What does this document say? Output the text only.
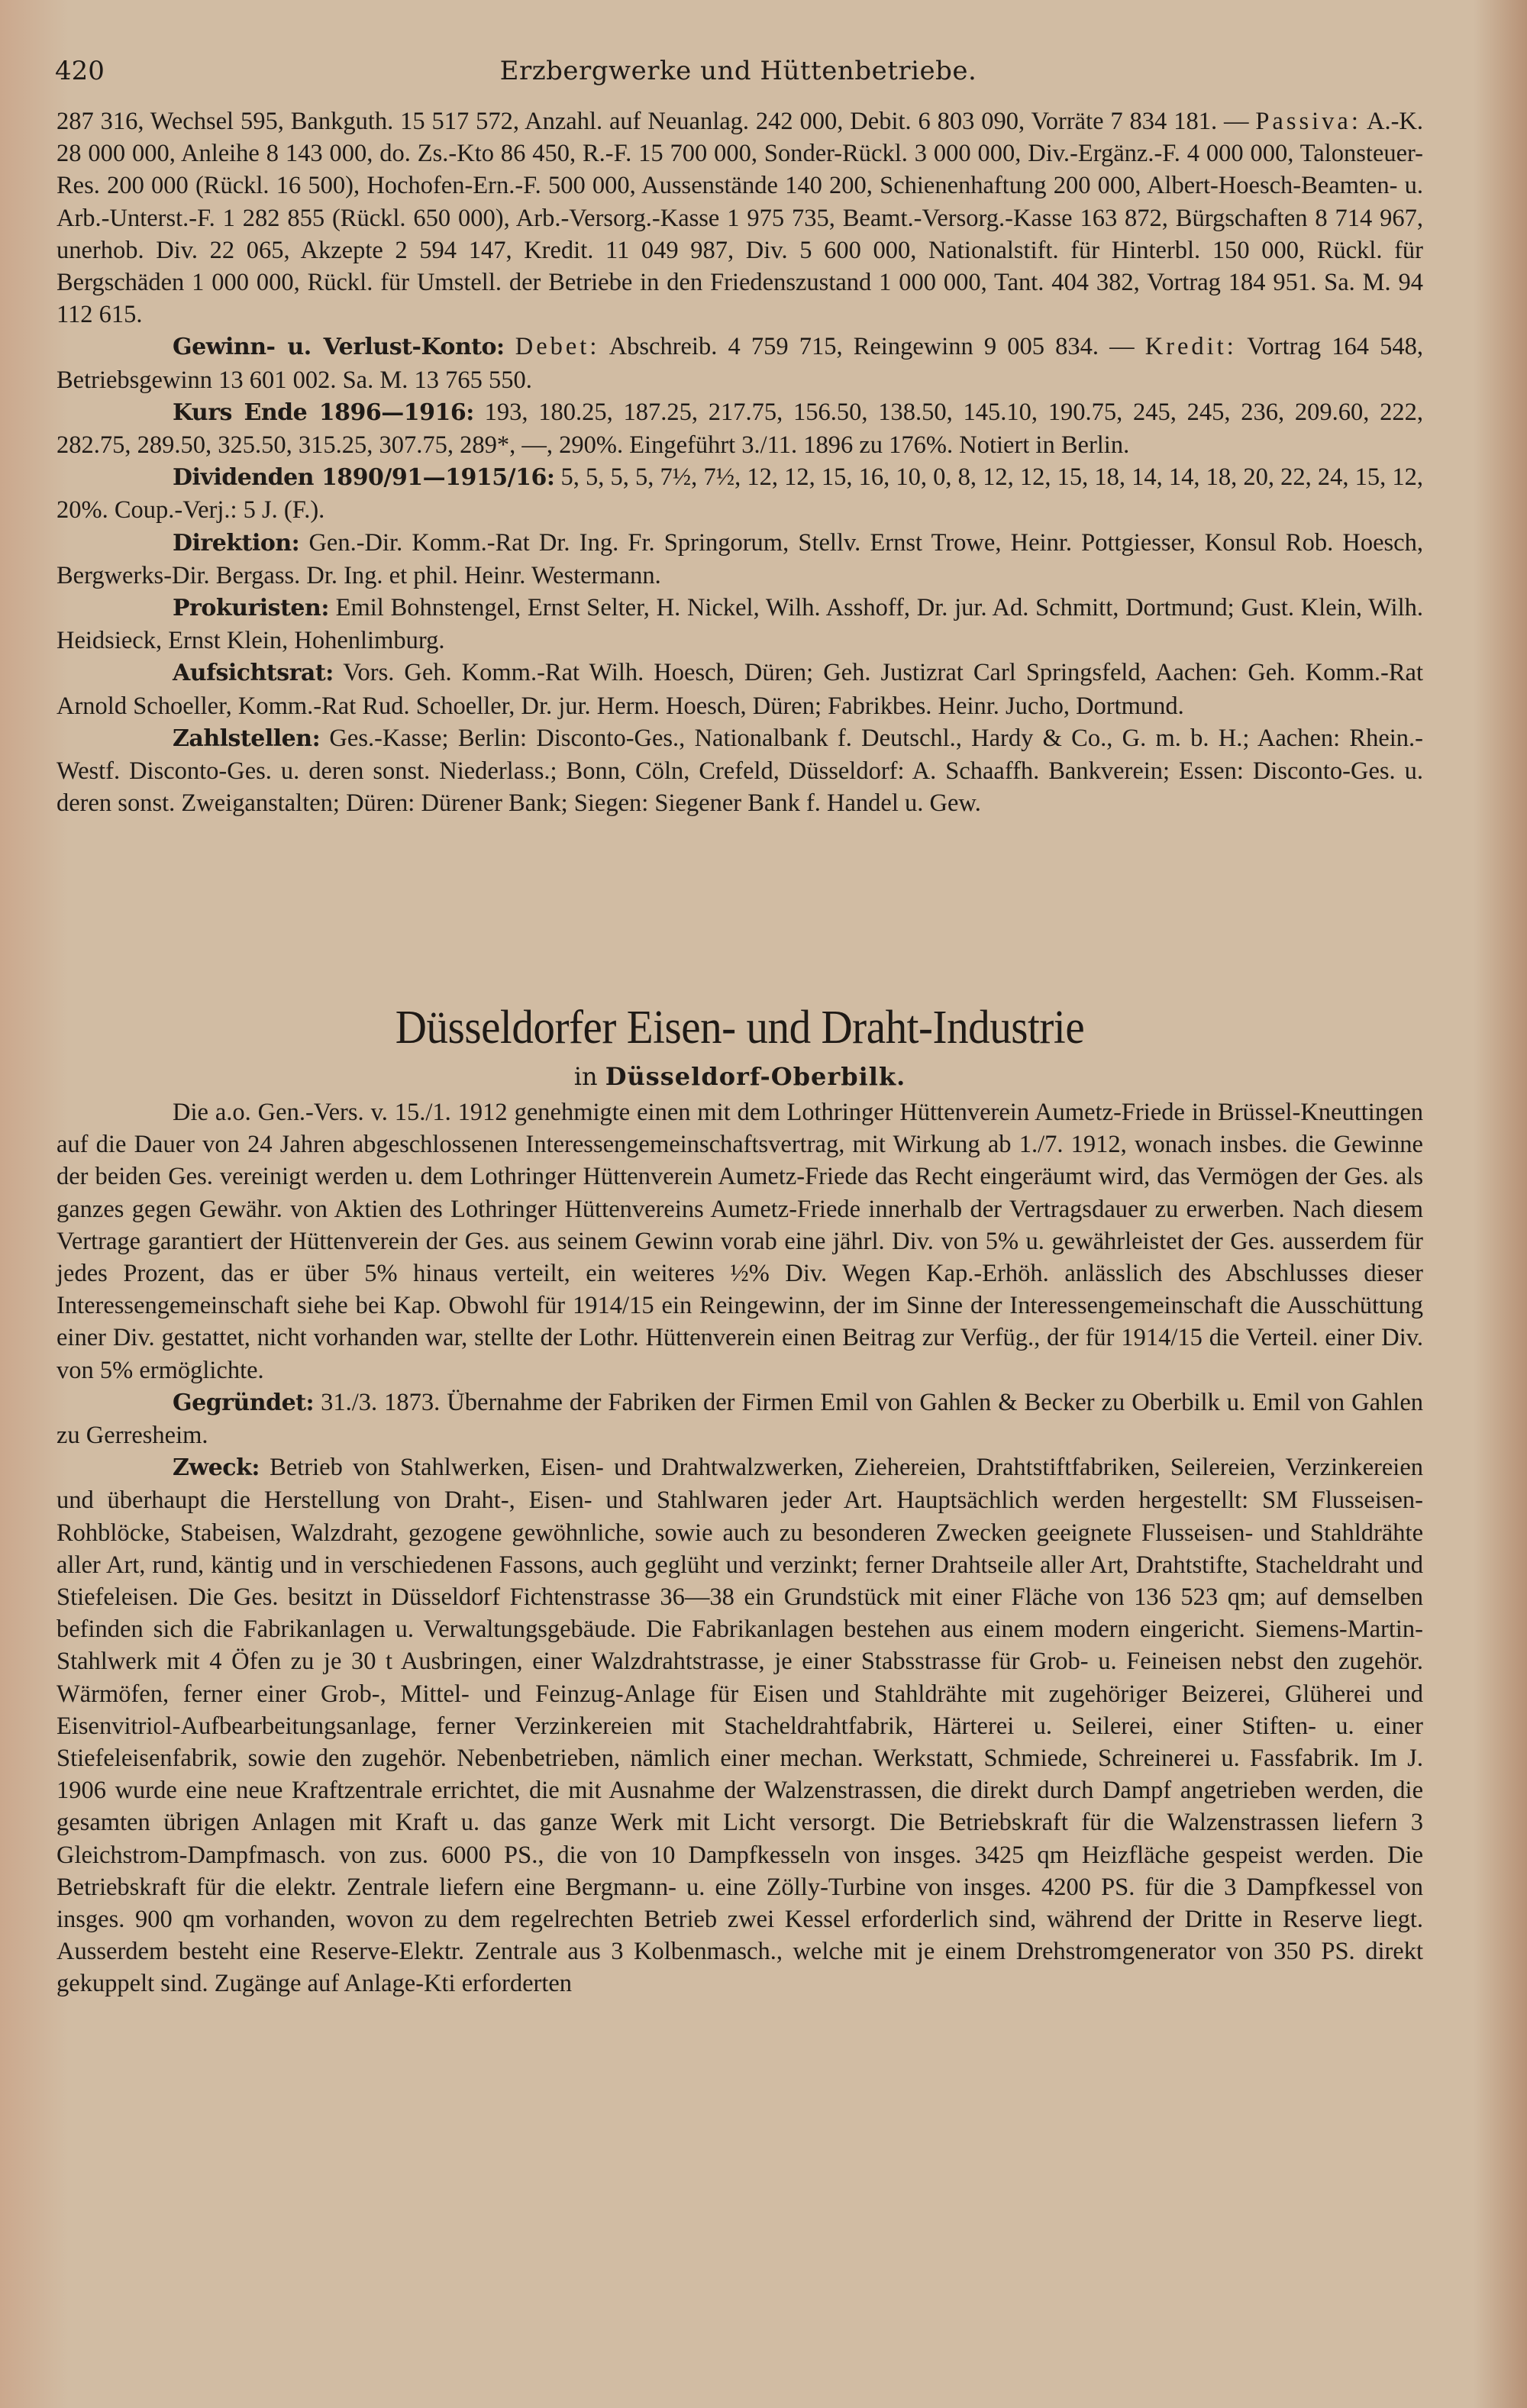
420	Erzbergwerke und Hüttenbetriebe.

287 316, Wechsel 595, Bankguth. 15 517 572, Anzahl. auf Neuanlag. 242 000, Debit. 6 803 090, Vorräte 7 834 181. — Passiva: A.-K. 28 000 000, Anleihe 8 143 000, do. Zs.-Kto 86 450, R.-F. 15 700 000, Sonder-Rückl. 3 000 000, Div.-Ergänz.-F. 4 000 000, Talonsteuer-Res. 200 000 (Rückl. 16 500), Hochofen-Ern.-F. 500 000, Aussenstände 140 200, Schienenhaftung 200 000, Albert-Hoesch-Beamten- u. Arb.-Unterst.-F. 1 282 855 (Rückl. 650 000), Arb.-Versorg.-Kasse 1 975 735, Beamt.-Versorg.-Kasse 163 872, Bürgschaften 8 714 967, unerhob. Div. 22 065, Akzepte 2 594 147, Kredit. 11 049 987, Div. 5 600 000, Nationalstift. für Hinterbl. 150 000, Rückl. für Bergschäden 1 000 000, Rückl. für Umstell. der Betriebe in den Friedenszustand 1 000 000, Tant. 404 382, Vortrag 184 951. Sa. M. 94 112 615.

Gewinn- u. Verlust-Konto: Debet: Abschreib. 4 759 715, Reingewinn 9 005 834. — Kredit: Vortrag 164 548, Betriebsgewinn 13 601 002. Sa. M. 13 765 550.

Kurs Ende 1896—1916: 193, 180.25, 187.25, 217.75, 156.50, 138.50, 145.10, 190.75, 245, 245, 236, 209.60, 222, 282.75, 289.50, 325.50, 315.25, 307.75, 289*, —, 290%. Eingeführt 3./11. 1896 zu 176%. Notiert in Berlin.

Dividenden 1890/91—1915/16: 5, 5, 5, 5, 7½, 7½, 12, 12, 15, 16, 10, 0, 8, 12, 12, 15, 18, 14, 14, 18, 20, 22, 24, 15, 12, 20%. Coup.-Verj.: 5 J. (F.).

Direktion: Gen.-Dir. Komm.-Rat Dr. Ing. Fr. Springorum, Stellv. Ernst Trowe, Heinr. Pottgiesser, Konsul Rob. Hoesch, Bergwerks-Dir. Bergass. Dr. Ing. et phil. Heinr. Westermann.

Prokuristen: Emil Bohnstengel, Ernst Selter, H. Nickel, Wilh. Asshoff, Dr. jur. Ad. Schmitt, Dortmund; Gust. Klein, Wilh. Heidsieck, Ernst Klein, Hohenlimburg.

Aufsichtsrat: Vors. Geh. Komm.-Rat Wilh. Hoesch, Düren; Geh. Justizrat Carl Springsfeld, Aachen: Geh. Komm.-Rat Arnold Schoeller, Komm.-Rat Rud. Schoeller, Dr. jur. Herm. Hoesch, Düren; Fabrikbes. Heinr. Jucho, Dortmund.

Zahlstellen: Ges.-Kasse; Berlin: Disconto-Ges., Nationalbank f. Deutschl., Hardy & Co., G. m. b. H.; Aachen: Rhein.-Westf. Disconto-Ges. u. deren sonst. Niederlass.; Bonn, Cöln, Crefeld, Düsseldorf: A. Schaaffh. Bankverein; Essen: Disconto-Ges. u. deren sonst. Zweiganstalten; Düren: Dürener Bank; Siegen: Siegener Bank f. Handel u. Gew.

Düsseldorfer Eisen- und Draht-Industrie
in Düsseldorf-Oberbilk.

Die a.o. Gen.-Vers. v. 15./1. 1912 genehmigte einen mit dem Lothringer Hüttenverein Aumetz-Friede in Brüssel-Kneuttingen auf die Dauer von 24 Jahren abgeschlossenen Interessengemeinschaftsvertrag, mit Wirkung ab 1./7. 1912, wonach insbes. die Gewinne der beiden Ges. vereinigt werden u. dem Lothringer Hüttenverein Aumetz-Friede das Recht eingeräumt wird, das Vermögen der Ges. als ganzes gegen Gewähr. von Aktien des Lothringer Hüttenvereins Aumetz-Friede innerhalb der Vertragsdauer zu erwerben. Nach diesem Vertrage garantiert der Hüttenverein der Ges. aus seinem Gewinn vorab eine jährl. Div. von 5% u. gewährleistet der Ges. ausserdem für jedes Prozent, das er über 5% hinaus verteilt, ein weiteres ½% Div. Wegen Kap.-Erhöh. anlässlich des Abschlusses dieser Interessengemeinschaft siehe bei Kap. Obwohl für 1914/15 ein Reingewinn, der im Sinne der Interessengemeinschaft die Ausschüttung einer Div. gestattet, nicht vorhanden war, stellte der Lothr. Hüttenverein einen Beitrag zur Verfüg., der für 1914/15 die Verteil. einer Div. von 5% ermöglichte.

Gegründet: 31./3. 1873. Übernahme der Fabriken der Firmen Emil von Gahlen & Becker zu Oberbilk u. Emil von Gahlen zu Gerresheim.

Zweck: Betrieb von Stahlwerken, Eisen- und Drahtwalzwerken, Ziehereien, Drahtstiftfabriken, Seilereien, Verzinkereien und überhaupt die Herstellung von Draht-, Eisen- und Stahlwaren jeder Art. Hauptsächlich werden hergestellt: SM Flusseisen-Rohblöcke, Stabeisen, Walzdraht, gezogene gewöhnliche, sowie auch zu besonderen Zwecken geeignete Flusseisen- und Stahldrähte aller Art, rund, käntig und in verschiedenen Fassons, auch geglüht und verzinkt; ferner Drahtseile aller Art, Drahtstifte, Stacheldraht und Stiefeleisen. Die Ges. besitzt in Düsseldorf Fichtenstrasse 36—38 ein Grundstück mit einer Fläche von 136 523 qm; auf demselben befinden sich die Fabrikanlagen u. Verwaltungsgebäude. Die Fabrikanlagen bestehen aus einem modern eingericht. Siemens-Martin-Stahlwerk mit 4 Öfen zu je 30 t Ausbringen, einer Walzdrahtstrasse, je einer Stabsstrasse für Grob- u. Feineisen nebst den zugehör. Wärmöfen, ferner einer Grob-, Mittel- und Feinzug-Anlage für Eisen und Stahldrähte mit zugehöriger Beizerei, Glüherei und Eisenvitriol-Aufbearbeitungsanlage, ferner Verzinkereien mit Stacheldrahtfabrik, Härterei u. Seilerei, einer Stiften- u. einer Stiefeleisenfabrik, sowie den zugehör. Nebenbetrieben, nämlich einer mechan. Werkstatt, Schmiede, Schreinerei u. Fassfabrik. Im J. 1906 wurde eine neue Kraftzentrale errichtet, die mit Ausnahme der Walzenstrassen, die direkt durch Dampf angetrieben werden, die gesamten übrigen Anlagen mit Kraft u. das ganze Werk mit Licht versorgt. Die Betriebskraft für die Walzenstrassen liefern 3 Gleichstrom-Dampfmasch. von zus. 6000 PS., die von 10 Dampfkesseln von insges. 3425 qm Heizfläche gespeist werden. Die Betriebskraft für die elektr. Zentrale liefern eine Bergmann- u. eine Zölly-Turbine von insges. 4200 PS. für die 3 Dampfkessel von insges. 900 qm vorhanden, wovon zu dem regelrechten Betrieb zwei Kessel erforderlich sind, während der Dritte in Reserve liegt. Ausserdem besteht eine Reserve-Elektr. Zentrale aus 3 Kolbenmasch., welche mit je einem Drehstromgenerator von 350 PS. direkt gekuppelt sind. Zugänge auf Anlage-Kti erforderten
